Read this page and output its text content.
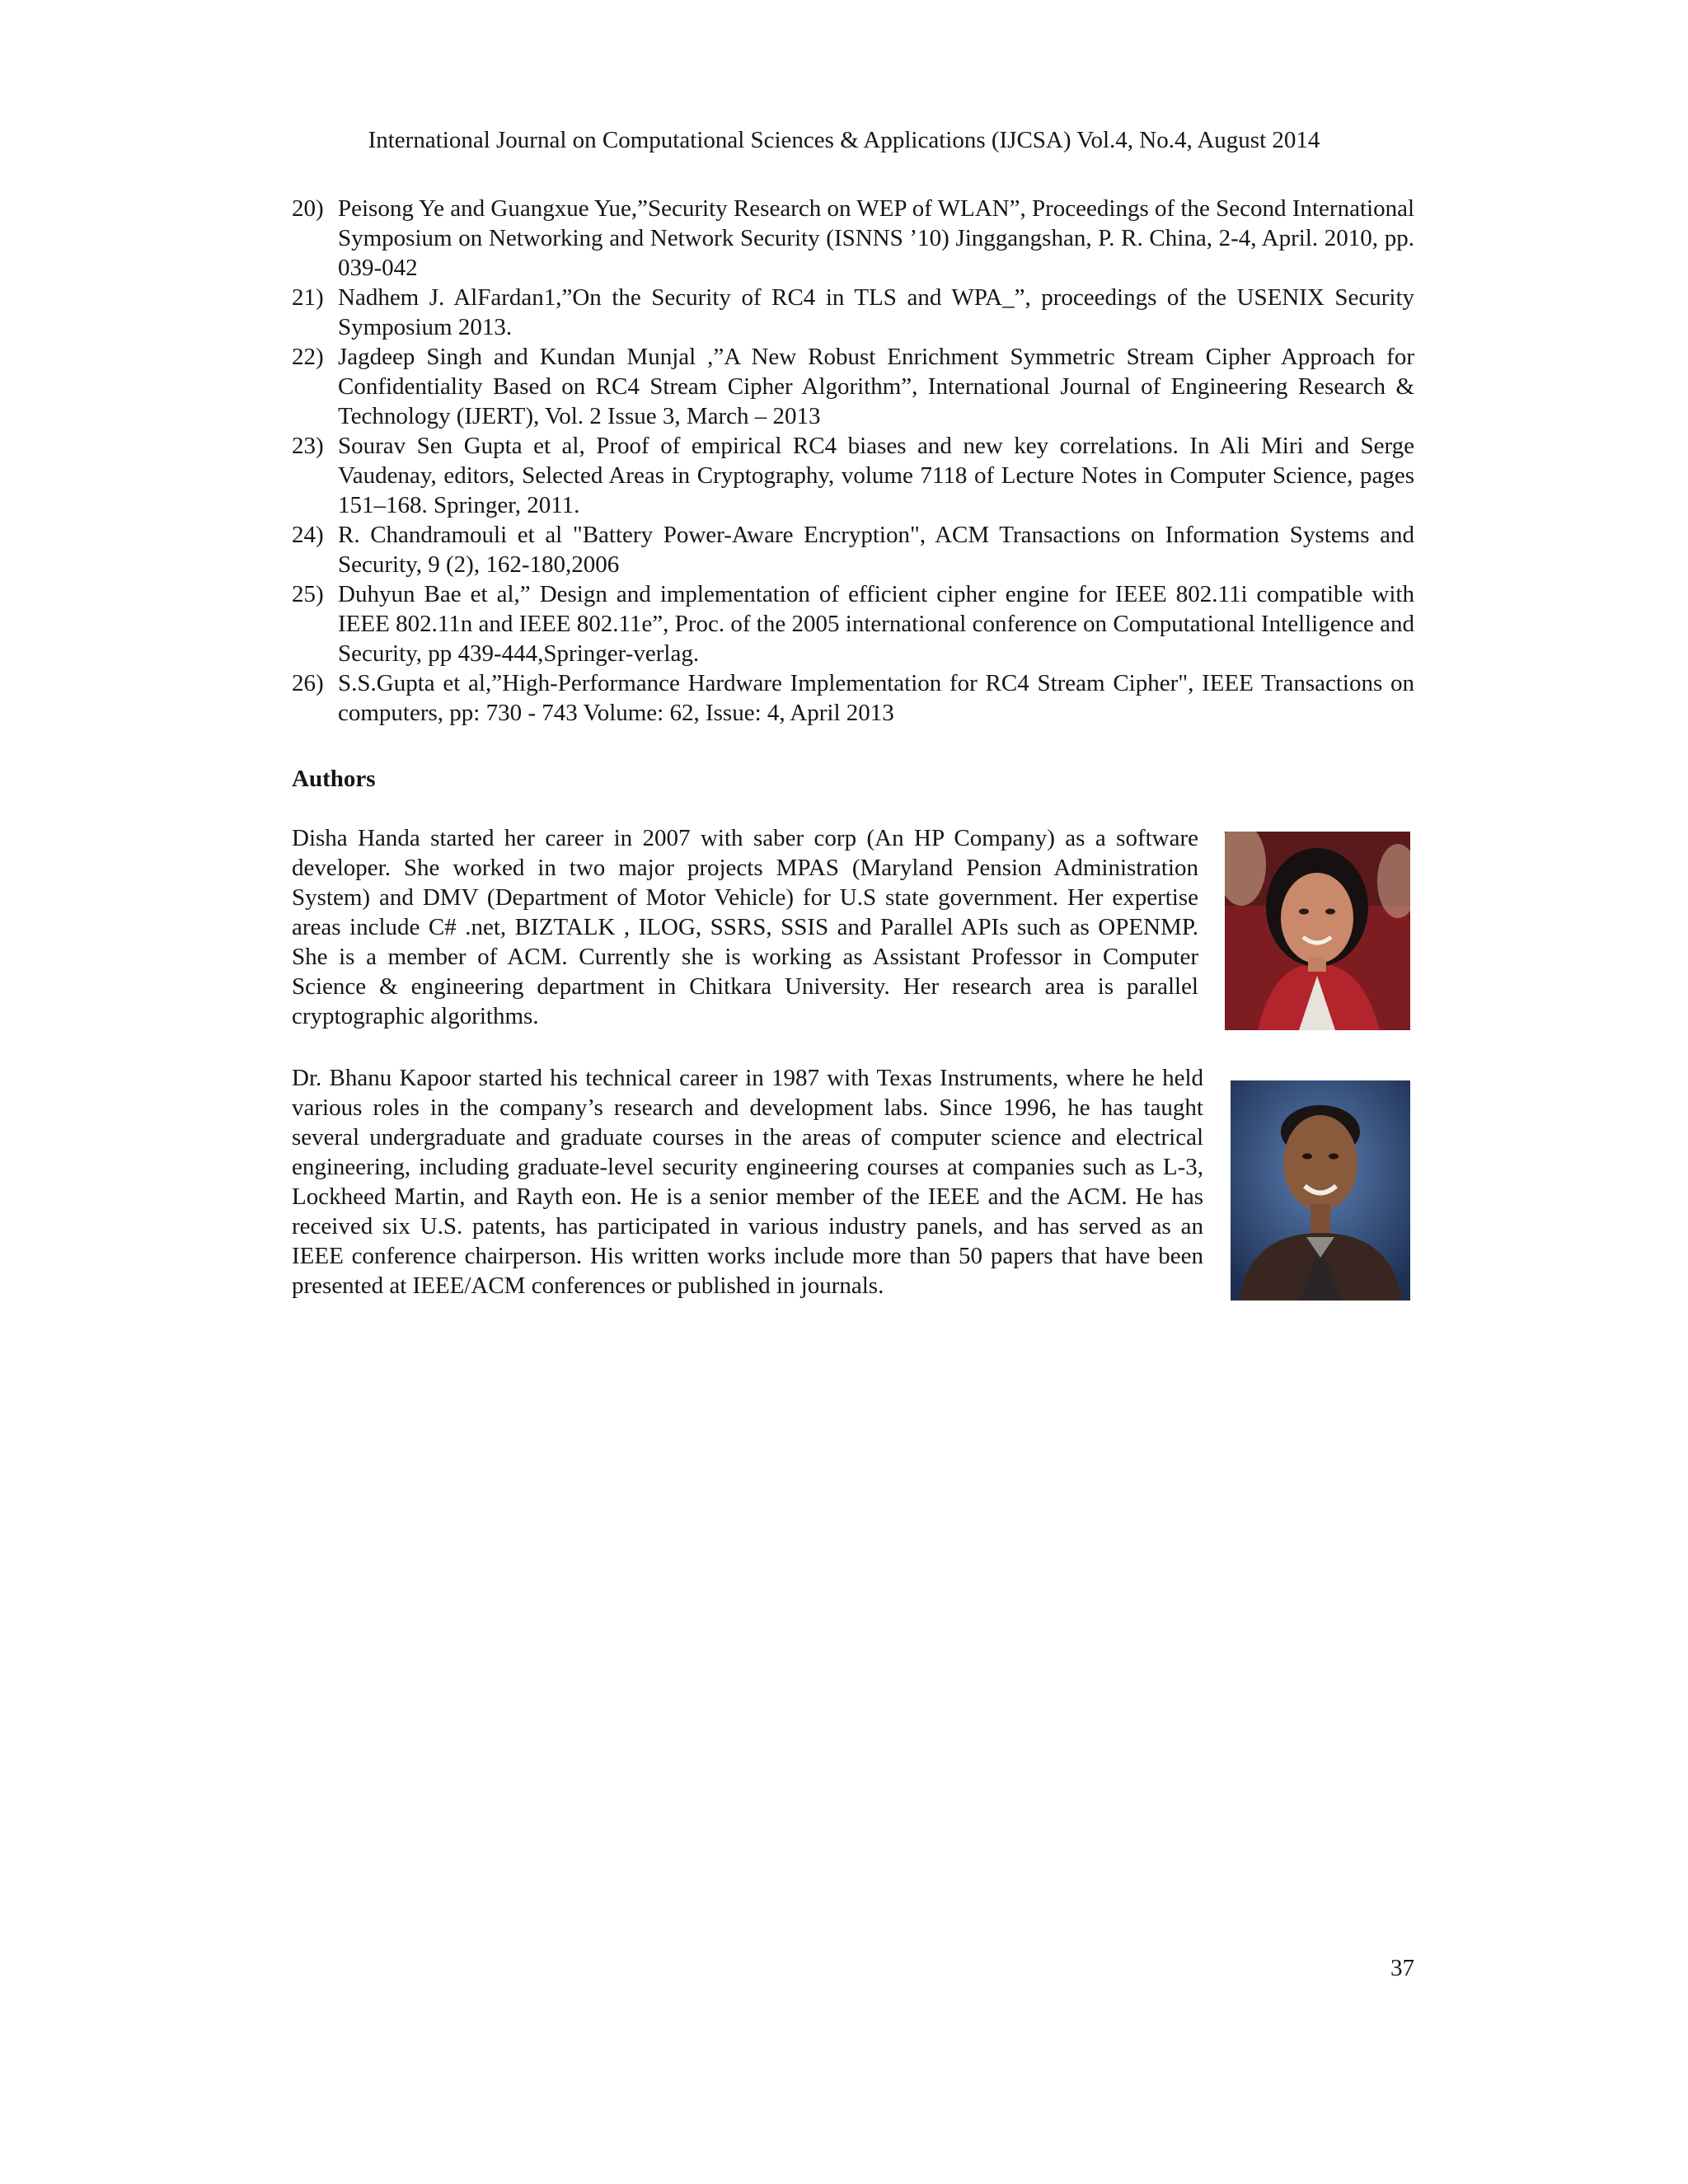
International Journal on Computational Sciences & Applications (IJCSA) Vol.4, No.4, August 2014
20) Peisong Ye and Guangxue Yue,”Security Research on WEP of WLAN”, Proceedings of the Second International Symposium on Networking and Network Security (ISNNS ’10) Jinggangshan, P. R. China, 2-4, April. 2010, pp. 039-042
21) Nadhem J. AlFardan1,”On the Security of RC4 in TLS and WPA_”, proceedings of the USENIX Security Symposium 2013.
22) Jagdeep Singh and Kundan Munjal ,”A New Robust Enrichment Symmetric Stream Cipher Approach for Confidentiality Based on RC4 Stream Cipher Algorithm”, International Journal of Engineering Research & Technology (IJERT), Vol. 2 Issue 3, March – 2013
23) Sourav Sen Gupta et al, Proof of empirical RC4 biases and new key correlations. In Ali Miri and Serge Vaudenay, editors, Selected Areas in Cryptography, volume 7118 of Lecture Notes in Computer Science, pages 151–168. Springer, 2011.
24) R. Chandramouli et al "Battery Power-Aware Encryption", ACM Transactions on Information Systems and Security, 9 (2), 162-180,2006
25) Duhyun Bae et al,” Design and implementation of efficient cipher engine for IEEE 802.11i compatible with IEEE 802.11n and IEEE 802.11e”, Proc. of the 2005 international conference on Computational Intelligence and Security, pp 439-444,Springer-verlag.
26) S.S.Gupta et al,”High-Performance Hardware Implementation for RC4 Stream Cipher", IEEE Transactions on computers, pp: 730 - 743 Volume: 62, Issue: 4, April 2013
Authors

Disha Handa started her career in 2007 with saber corp (An HP Company) as a software developer. She worked in two major projects MPAS (Maryland Pension Administration System) and DMV (Department of Motor Vehicle) for U.S state government. Her expertise areas include C# .net, BIZTALK , ILOG, SSRS, SSIS and Parallel APIs such as OPENMP. She is a member of ACM. Currently she is working as Assistant Professor in Computer Science & engineering department in Chitkara University. Her research area is parallel cryptographic algorithms.

Dr. Bhanu Kapoor started his technical career in 1987 with Texas Instruments, where he held various roles in the company’s research and development labs. Since 1996, he has taught several undergraduate and graduate courses in the areas of computer science and electrical engineering, including graduate-level security engineering courses at companies such as L-3, Lockheed Martin, and Rayth eon. He is a senior member of the IEEE and the ACM. He has received six U.S. patents, has participated in various industry panels, and has served as an IEEE conference chairperson. His written works include more than 50 papers that have been presented at IEEE/ACM conferences or published in journals.

37
